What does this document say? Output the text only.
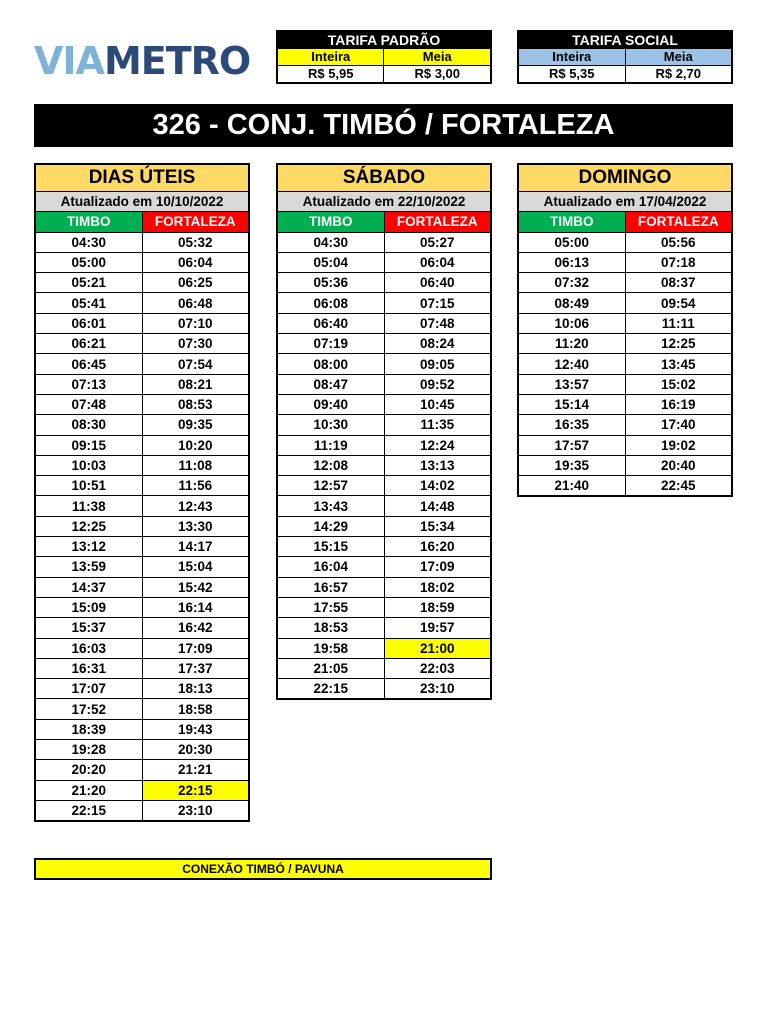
VIAMETRO	TARIFA PADRÃO	
Inteira	Meia
R$ 5,95	R$ 3,00
TARIFA SOCIAL	
Inteira	Meia
R$ 5,35	R$ 2,70
326 - CONJ. TIMBÓ / FORTALEZA
DIAS ÚTEIS	
Atualizado em 10/10/2022	
TIMBO	FORTALEZA
04:30	05:32
05:00	06:04
05:21	06:25
05:41	06:48
06:01	07:10
06:21	07:30
06:45	07:54
07:13	08:21
07:48	08:53
08:30	09:35
09:15	10:20
10:03	11:08
10:51	11:56
11:38	12:43
12:25	13:30
13:12	14:17
13:59	15:04
14:37	15:42
15:09	16:14
15:37	16:42
16:03	17:09
16:31	17:37
17:07	18:13
17:52	18:58
18:39	19:43
19:28	20:30
20:20	21:21
21:20	22:15
22:15	23:10
SÁBADO	
Atualizado em 22/10/2022	
TIMBO	FORTALEZA
04:30	05:27
05:04	06:04
05:36	06:40
06:08	07:15
06:40	07:48
07:19	08:24
08:00	09:05
08:47	09:52
09:40	10:45
10:30	11:35
11:19	12:24
12:08	13:13
12:57	14:02
13:43	14:48
14:29	15:34
15:15	16:20
16:04	17:09
16:57	18:02
17:55	18:59
18:53	19:57
19:58	21:00
21:05	22:03
22:15	23:10
DOMINGO	
Atualizado em 17/04/2022	
TIMBO	FORTALEZA
05:00	05:56
06:13	07:18
07:32	08:37
08:49	09:54
10:06	11:11
11:20	12:25
12:40	13:45
13:57	15:02
15:14	16:19
16:35	17:40
17:57	19:02
19:35	20:40
21:40	22:45
CONEXÃO TIMBÓ / PAVUNA
